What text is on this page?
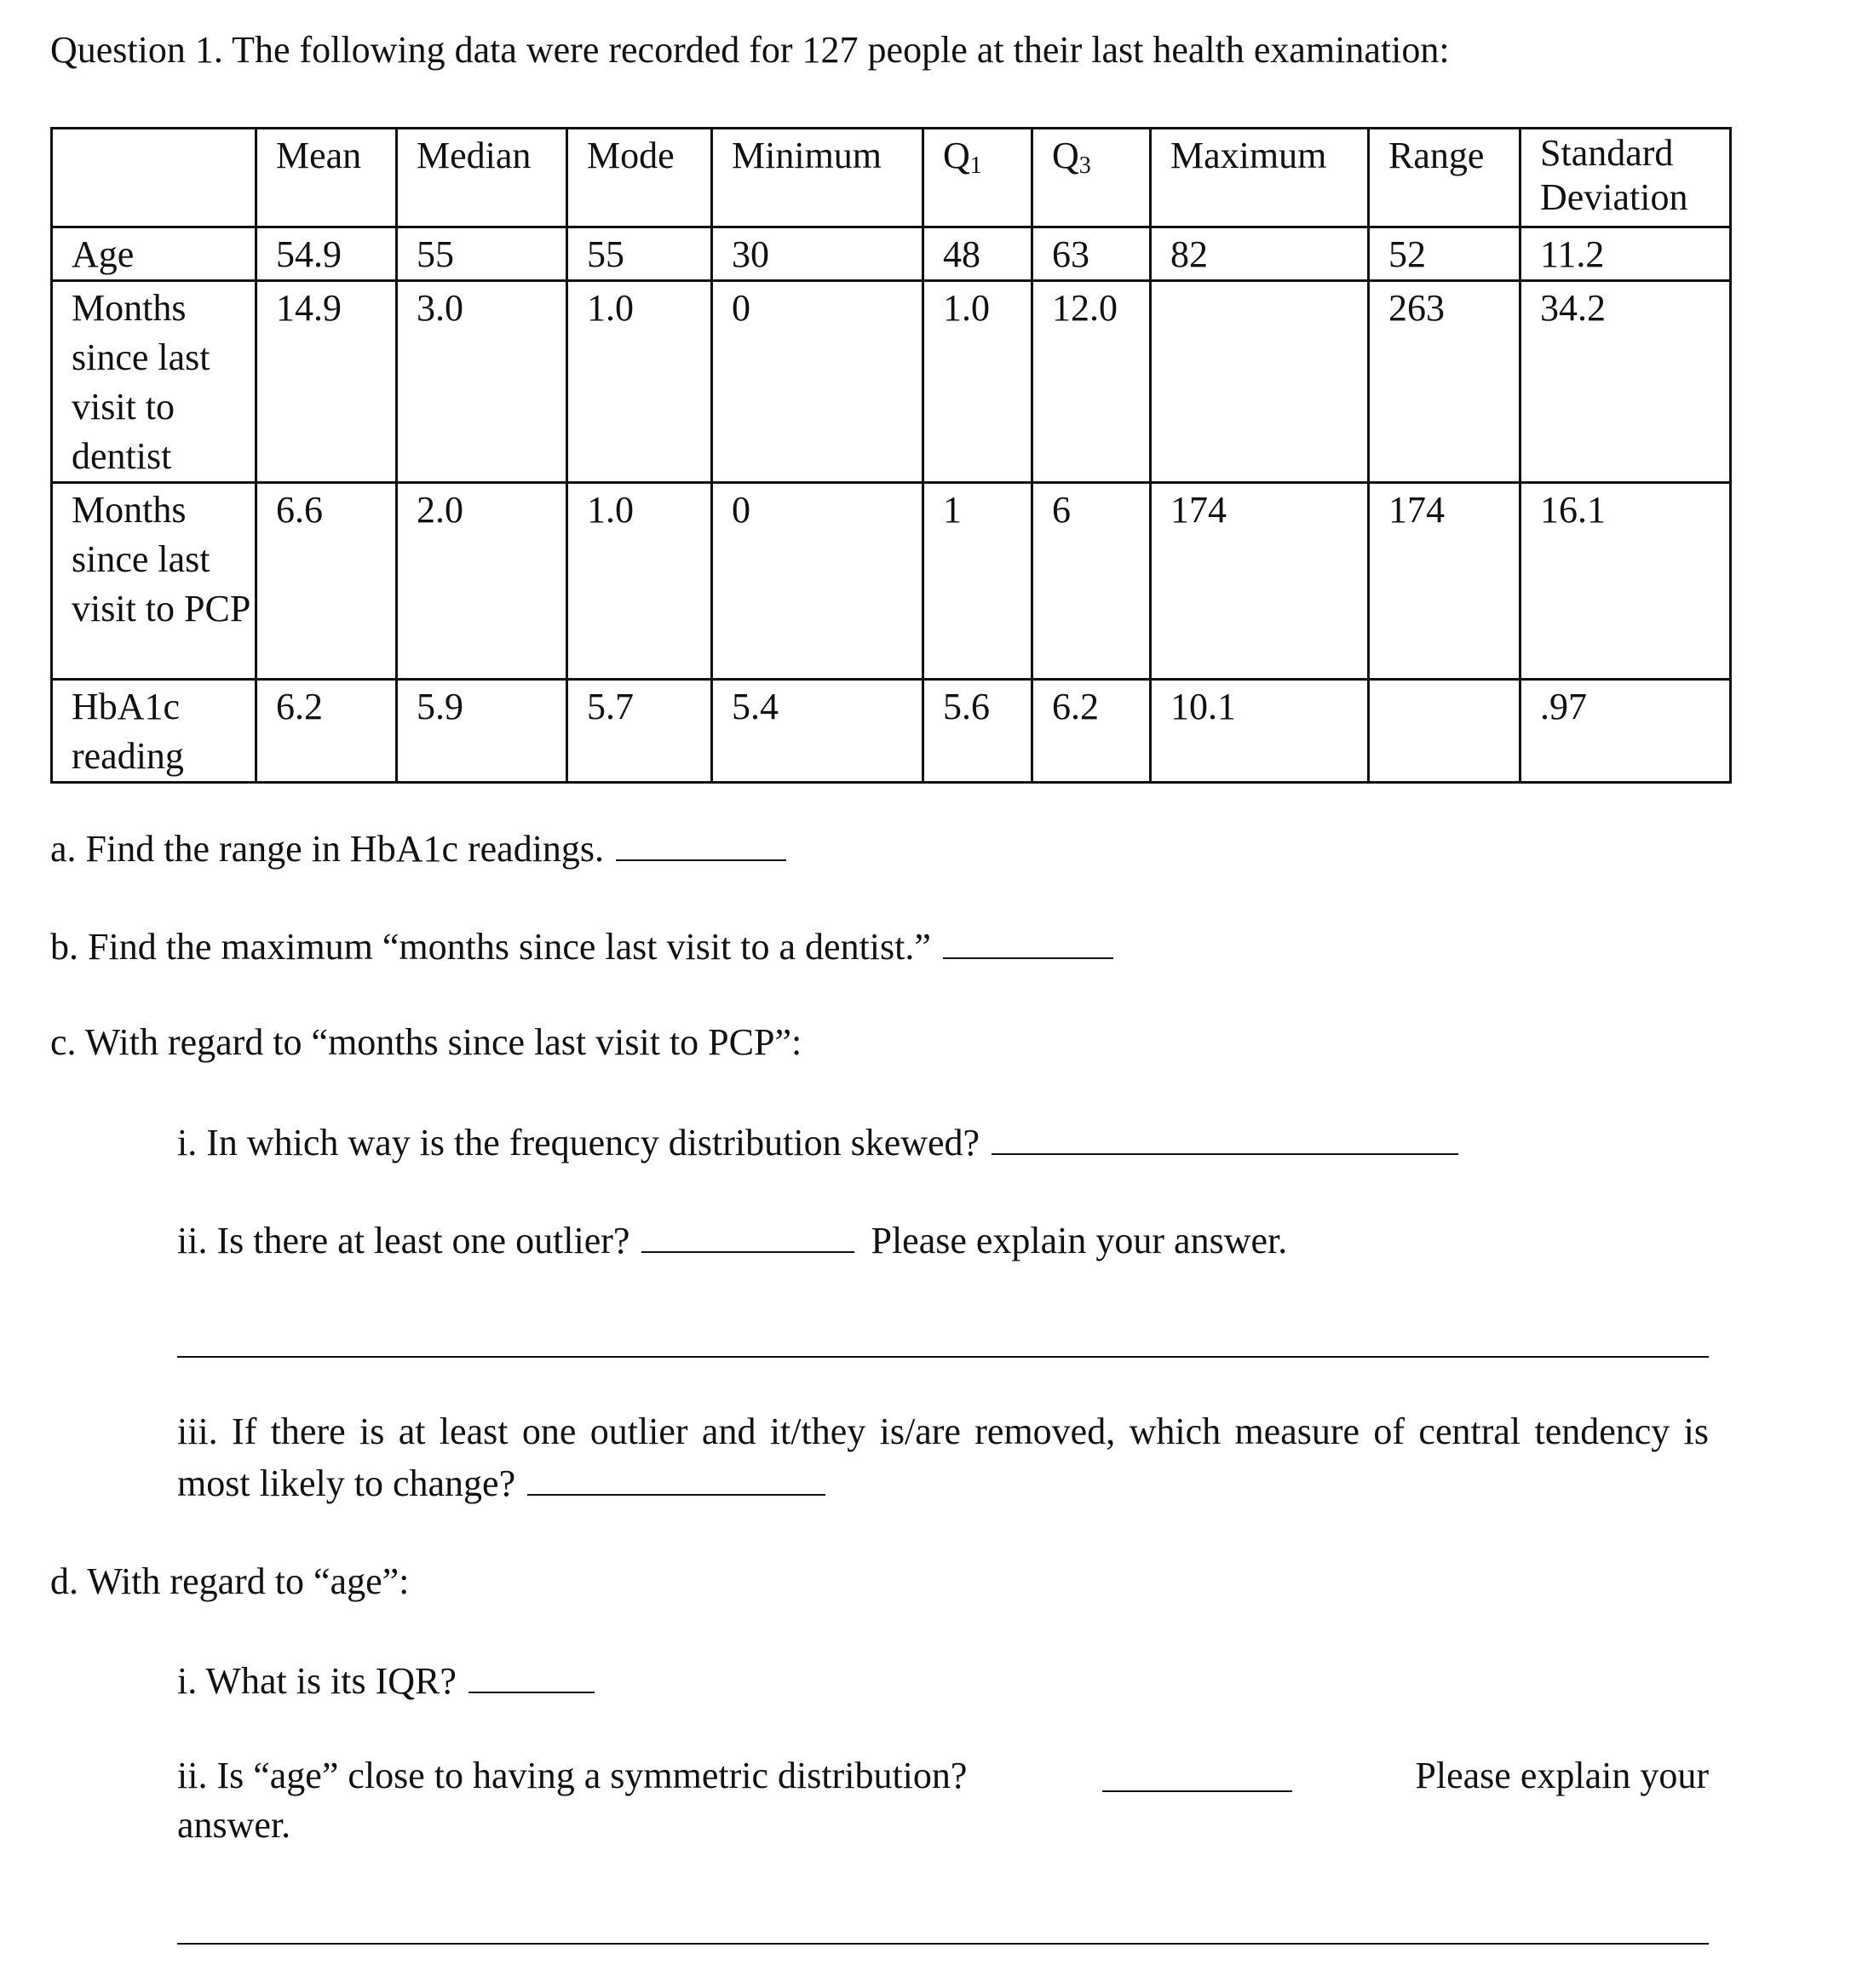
Question 1. The following data were recorded for 127 people at their last health examination:
	Mean	Median	Mode	Minimum	$Q_1$	$Q_3$	Maximum	Range	Standard Deviation
Age	54.9	55	55	30	48	63	82	52	11.2
Months since last visit to dentist	14.9	3.0	1.0	0	1.0	12.0		263	34.2
Months since last visit to PCP	6.6	2.0	1.0	0	1	6	174	174	16.1
HbA1c reading	6.2	5.9	5.7	5.4	5.6	6.2	10.1		.97
a. Find the range in HbA1c readings.
b. Find the maximum “months since last visit to a dentist.”
c. With regard to “months since last visit to PCP”:
i. In which way is the frequency distribution skewed?
ii. Is there at least one outlier?	Please explain your answer.
iii. If there is at least one outlier and it/they is/are removed, which measure of central tendency is most likely to change?
d. With regard to “age”:
i. What is its IQR?
ii. Is “age” close to having a symmetric distribution?	Please explain your
answer.
